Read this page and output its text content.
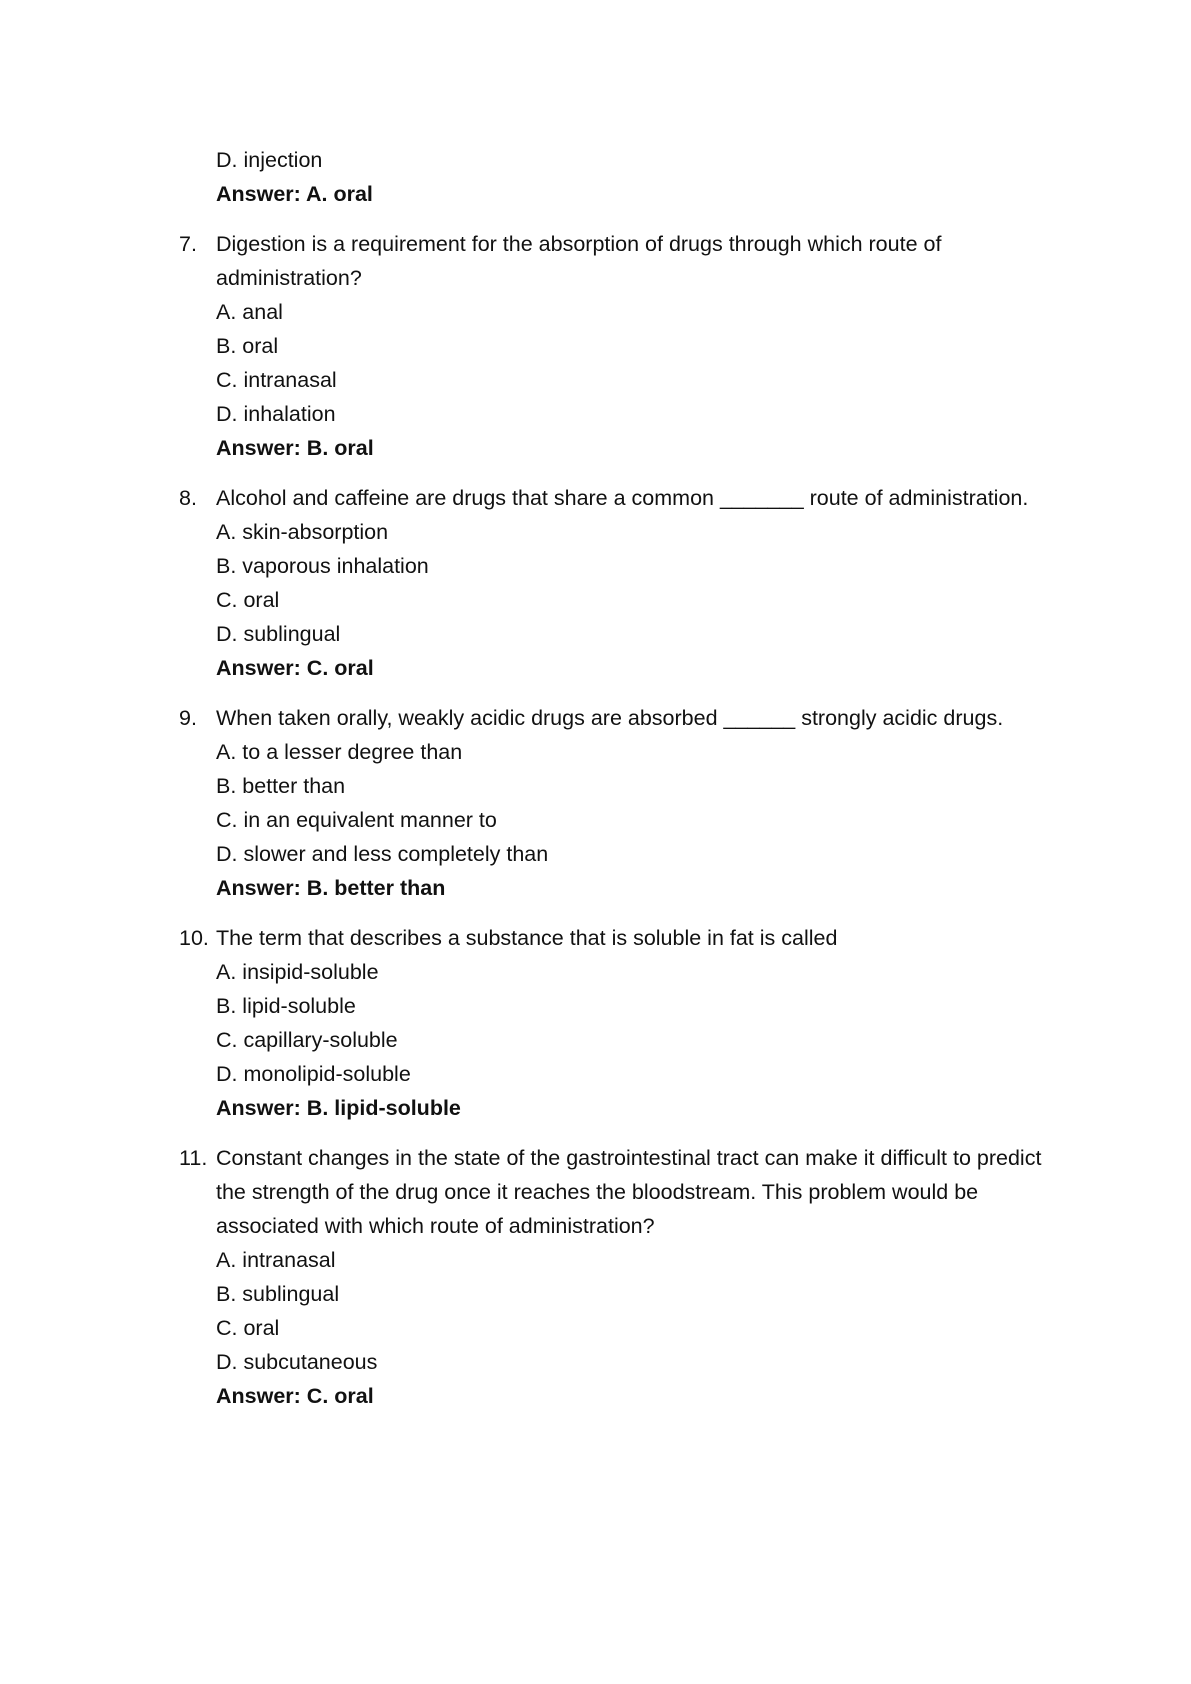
D. injection
Answer: A. oral
7. Digestion is a requirement for the absorption of drugs through which route of administration?
A. anal
B. oral
C. intranasal
D. inhalation
Answer: B. oral
8. Alcohol and caffeine are drugs that share a common _______ route of administration.
A. skin-absorption
B. vaporous inhalation
C. oral
D. sublingual
Answer: C. oral
9. When taken orally, weakly acidic drugs are absorbed ______ strongly acidic drugs.
A. to a lesser degree than
B. better than
C. in an equivalent manner to
D. slower and less completely than
Answer: B. better than
10. The term that describes a substance that is soluble in fat is called
A. insipid-soluble
B. lipid-soluble
C. capillary-soluble
D. monolipid-soluble
Answer: B. lipid-soluble
11. Constant changes in the state of the gastrointestinal tract can make it difficult to predict the strength of the drug once it reaches the bloodstream. This problem would be associated with which route of administration?
A. intranasal
B. sublingual
C. oral
D. subcutaneous
Answer: C. oral
